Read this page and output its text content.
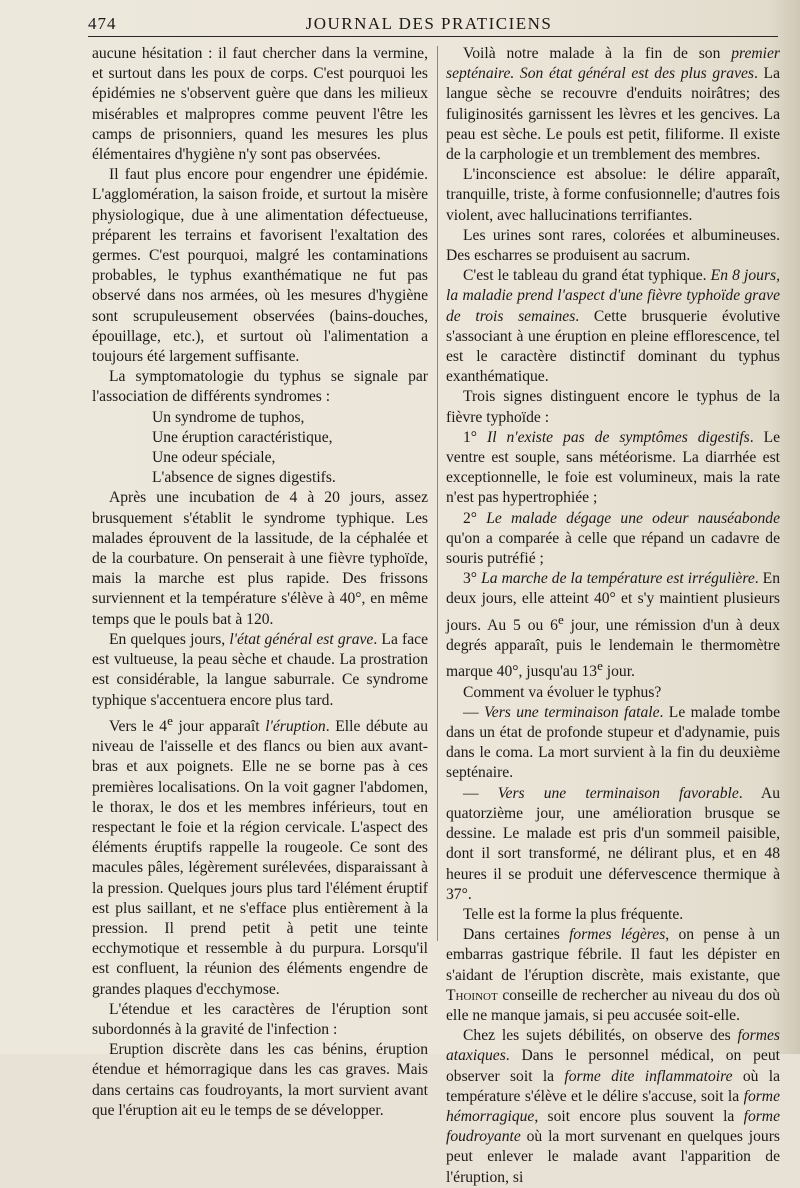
474	JOURNAL DES PRATICIENS

aucune hésitation : il faut chercher dans la vermine, et surtout dans les poux de corps. C'est pourquoi les épidémies ne s'observent guère que dans les milieux misérables et malpropres comme peuvent l'être les camps de prisonniers, quand les mesures les plus élémentaires d'hygiène n'y sont pas observées.

Il faut plus encore pour engendrer une épidémie. L'agglomération, la saison froide, et surtout la misère physiologique, due à une alimentation défectueuse, préparent les terrains et favorisent l'exaltation des germes. C'est pourquoi, malgré les contaminations probables, le typhus exanthématique ne fut pas observé dans nos armées, où les mesures d'hygiène sont scrupuleusement observées (bains-douches, épouillage, etc.), et surtout où l'alimentation a toujours été largement suffisante.

La symptomatologie du typhus se signale par l'association de différents syndromes :

Un syndrome de tuphos,
Une éruption caractéristique,
Une odeur spéciale,
L'absence de signes digestifs.

Après une incubation de 4 à 20 jours, assez brusquement s'établit le syndrome typhique. Les malades éprouvent de la lassitude, de la céphalée et de la courbature. On penserait à une fièvre typhoïde, mais la marche est plus rapide. Des frissons surviennent et la température s'élève à 40°, en même temps que le pouls bat à 120.

En quelques jours, l'état général est grave. La face est vultueuse, la peau sèche et chaude. La prostration est considérable, la langue saburrale. Ce syndrome typhique s'accentuera encore plus tard.

Vers le 4e jour apparaît l'éruption. Elle débute au niveau de l'aisselle et des flancs ou bien aux avant-bras et aux poignets. Elle ne se borne pas à ces premières localisations. On la voit gagner l'abdomen, le thorax, le dos et les membres inférieurs, tout en respectant le foie et la région cervicale. L'aspect des éléments éruptifs rappelle la rougeole. Ce sont des macules pâles, légèrement surélevées, disparaissant à la pression. Quelques jours plus tard l'élément éruptif est plus saillant, et ne s'efface plus entièrement à la pression. Il prend petit à petit une teinte ecchymotique et ressemble à du purpura. Lorsqu'il est confluent, la réunion des éléments engendre de grandes plaques d'ecchymose.

L'étendue et les caractères de l'éruption sont subordonnés à la gravité de l'infection :

Eruption discrète dans les cas bénins, éruption étendue et hémorragique dans les cas graves. Mais dans certains cas foudroyants, la mort survient avant que l'éruption ait eu le temps de se développer.

Voilà notre malade à la fin de son premier septénaire. Son état général est des plus graves. La langue sèche se recouvre d'enduits noirâtres; des fuliginosités garnissent les lèvres et les gencives. La peau est sèche. Le pouls est petit, filiforme. Il existe de la carphologie et un tremblement des membres.

L'inconscience est absolue: le délire apparaît, tranquille, triste, à forme confusionnelle; d'autres fois violent, avec hallucinations terrifiantes.

Les urines sont rares, colorées et albumineuses. Des escharres se produisent au sacrum.

C'est le tableau du grand état typhique. En 8 jours, la maladie prend l'aspect d'une fièvre typhoïde grave de trois semaines. Cette brusquerie évolutive s'associant à une éruption en pleine efflorescence, tel est le caractère distinctif dominant du typhus exanthématique.

Trois signes distinguent encore le typhus de la fièvre typhoïde :

1° Il n'existe pas de symptômes digestifs. Le ventre est souple, sans météorisme. La diarrhée est exceptionnelle, le foie est volumineux, mais la rate n'est pas hypertrophiée ;

2° Le malade dégage une odeur nauséabonde qu'on a comparée à celle que répand un cadavre de souris putréfié ;

3° La marche de la température est irrégulière. En deux jours, elle atteint 40° et s'y maintient plusieurs jours. Au 5 ou 6e jour, une rémission d'un à deux degrés apparaît, puis le lendemain le thermomètre marque 40°, jusqu'au 13e jour.

Comment va évoluer le typhus?

— Vers une terminaison fatale. Le malade tombe dans un état de profonde stupeur et d'adynamie, puis dans le coma. La mort survient à la fin du deuxième septénaire.

— Vers une terminaison favorable. Au quatorzième jour, une amélioration brusque se dessine. Le malade est pris d'un sommeil paisible, dont il sort transformé, ne délirant plus, et en 48 heures il se produit une défervescence thermique à 37°.

Telle est la forme la plus fréquente.

Dans certaines formes légères, on pense à un embarras gastrique fébrile. Il faut les dépister en s'aidant de l'éruption discrète, mais existante, que Thoinot conseille de rechercher au niveau du dos où elle ne manque jamais, si peu accusée soit-elle.

Chez les sujets débilités, on observe des formes ataxiques. Dans le personnel médical, on peut observer soit la forme dite inflammatoire où la température s'élève et le délire s'accuse, soit la forme hémorragique, soit encore plus souvent la forme foudroyante où la mort survenant en quelques jours peut enlever le malade avant l'apparition de l'éruption, si
